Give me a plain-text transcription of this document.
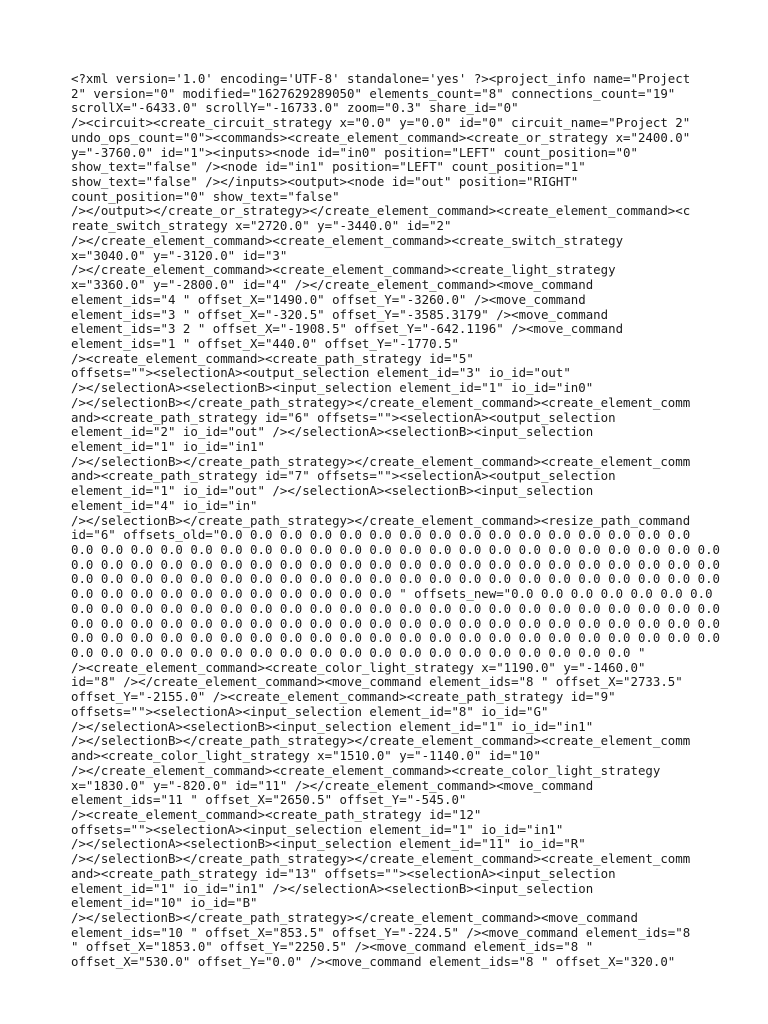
<?xml version='1.0' encoding='UTF-8' standalone='yes' ?><project_info name="Project
2" version="0" modified="1627629289050" elements_count="8" connections_count="19"
scrollX="-6433.0" scrollY="-16733.0" zoom="0.3" share_id="0"
/><circuit><create_circuit_strategy x="0.0" y="0.0" id="0" circuit_name="Project 2"
undo_ops_count="0"><commands><create_element_command><create_or_strategy x="2400.0"
y="-3760.0" id="1"><inputs><node id="in0" position="LEFT" count_position="0"
show_text="false" /><node id="in1" position="LEFT" count_position="1"
show_text="false" /></inputs><output><node id="out" position="RIGHT"
count_position="0" show_text="false"
/></output></create_or_strategy></create_element_command><create_element_command><c
reate_switch_strategy x="2720.0" y="-3440.0" id="2"
/></create_element_command><create_element_command><create_switch_strategy
x="3040.0" y="-3120.0" id="3"
/></create_element_command><create_element_command><create_light_strategy
x="3360.0" y="-2800.0" id="4" /></create_element_command><move_command
element_ids="4 " offset_X="1490.0" offset_Y="-3260.0" /><move_command
element_ids="3 " offset_X="-320.5" offset_Y="-3585.3179" /><move_command
element_ids="3 2 " offset_X="-1908.5" offset_Y="-642.1196" /><move_command
element_ids="1 " offset_X="440.0" offset_Y="-1770.5"
/><create_element_command><create_path_strategy id="5"
offsets=""><selectionA><output_selection element_id="3" io_id="out"
/></selectionA><selectionB><input_selection element_id="1" io_id="in0"
/></selectionB></create_path_strategy></create_element_command><create_element_comm
and><create_path_strategy id="6" offsets=""><selectionA><output_selection
element_id="2" io_id="out" /></selectionA><selectionB><input_selection
element_id="1" io_id="in1"
/></selectionB></create_path_strategy></create_element_command><create_element_comm
and><create_path_strategy id="7" offsets=""><selectionA><output_selection
element_id="1" io_id="out" /></selectionA><selectionB><input_selection
element_id="4" io_id="in"
/></selectionB></create_path_strategy></create_element_command><resize_path_command
id="6" offsets_old="0.0 0.0 0.0 0.0 0.0 0.0 0.0 0.0 0.0 0.0 0.0 0.0 0.0 0.0 0.0 0.0
0.0 0.0 0.0 0.0 0.0 0.0 0.0 0.0 0.0 0.0 0.0 0.0 0.0 0.0 0.0 0.0 0.0 0.0 0.0 0.0 0.0 0.0
0.0 0.0 0.0 0.0 0.0 0.0 0.0 0.0 0.0 0.0 0.0 0.0 0.0 0.0 0.0 0.0 0.0 0.0 0.0 0.0 0.0 0.0
0.0 0.0 0.0 0.0 0.0 0.0 0.0 0.0 0.0 0.0 0.0 0.0 0.0 0.0 0.0 0.0 0.0 0.0 0.0 0.0 0.0 0.0
0.0 0.0 0.0 0.0 0.0 0.0 0.0 0.0 0.0 0.0 0.0 " offsets_new="0.0 0.0 0.0 0.0 0.0 0.0 0.0
0.0 0.0 0.0 0.0 0.0 0.0 0.0 0.0 0.0 0.0 0.0 0.0 0.0 0.0 0.0 0.0 0.0 0.0 0.0 0.0 0.0 0.0
0.0 0.0 0.0 0.0 0.0 0.0 0.0 0.0 0.0 0.0 0.0 0.0 0.0 0.0 0.0 0.0 0.0 0.0 0.0 0.0 0.0 0.0
0.0 0.0 0.0 0.0 0.0 0.0 0.0 0.0 0.0 0.0 0.0 0.0 0.0 0.0 0.0 0.0 0.0 0.0 0.0 0.0 0.0 0.0
0.0 0.0 0.0 0.0 0.0 0.0 0.0 0.0 0.0 0.0 0.0 0.0 0.0 0.0 0.0 0.0 0.0 0.0 0.0 "
/><create_element_command><create_color_light_strategy x="1190.0" y="-1460.0"
id="8" /></create_element_command><move_command element_ids="8 " offset_X="2733.5"
offset_Y="-2155.0" /><create_element_command><create_path_strategy id="9"
offsets=""><selectionA><input_selection element_id="8" io_id="G"
/></selectionA><selectionB><input_selection element_id="1" io_id="in1"
/></selectionB></create_path_strategy></create_element_command><create_element_comm
and><create_color_light_strategy x="1510.0" y="-1140.0" id="10"
/></create_element_command><create_element_command><create_color_light_strategy
x="1830.0" y="-820.0" id="11" /></create_element_command><move_command
element_ids="11 " offset_X="2650.5" offset_Y="-545.0"
/><create_element_command><create_path_strategy id="12"
offsets=""><selectionA><input_selection element_id="1" io_id="in1"
/></selectionA><selectionB><input_selection element_id="11" io_id="R"
/></selectionB></create_path_strategy></create_element_command><create_element_comm
and><create_path_strategy id="13" offsets=""><selectionA><input_selection
element_id="1" io_id="in1" /></selectionA><selectionB><input_selection
element_id="10" io_id="B"
/></selectionB></create_path_strategy></create_element_command><move_command
element_ids="10 " offset_X="853.5" offset_Y="-224.5" /><move_command element_ids="8
" offset_X="1853.0" offset_Y="2250.5" /><move_command element_ids="8 "
offset_X="530.0" offset_Y="0.0" /><move_command element_ids="8 " offset_X="320.0"
